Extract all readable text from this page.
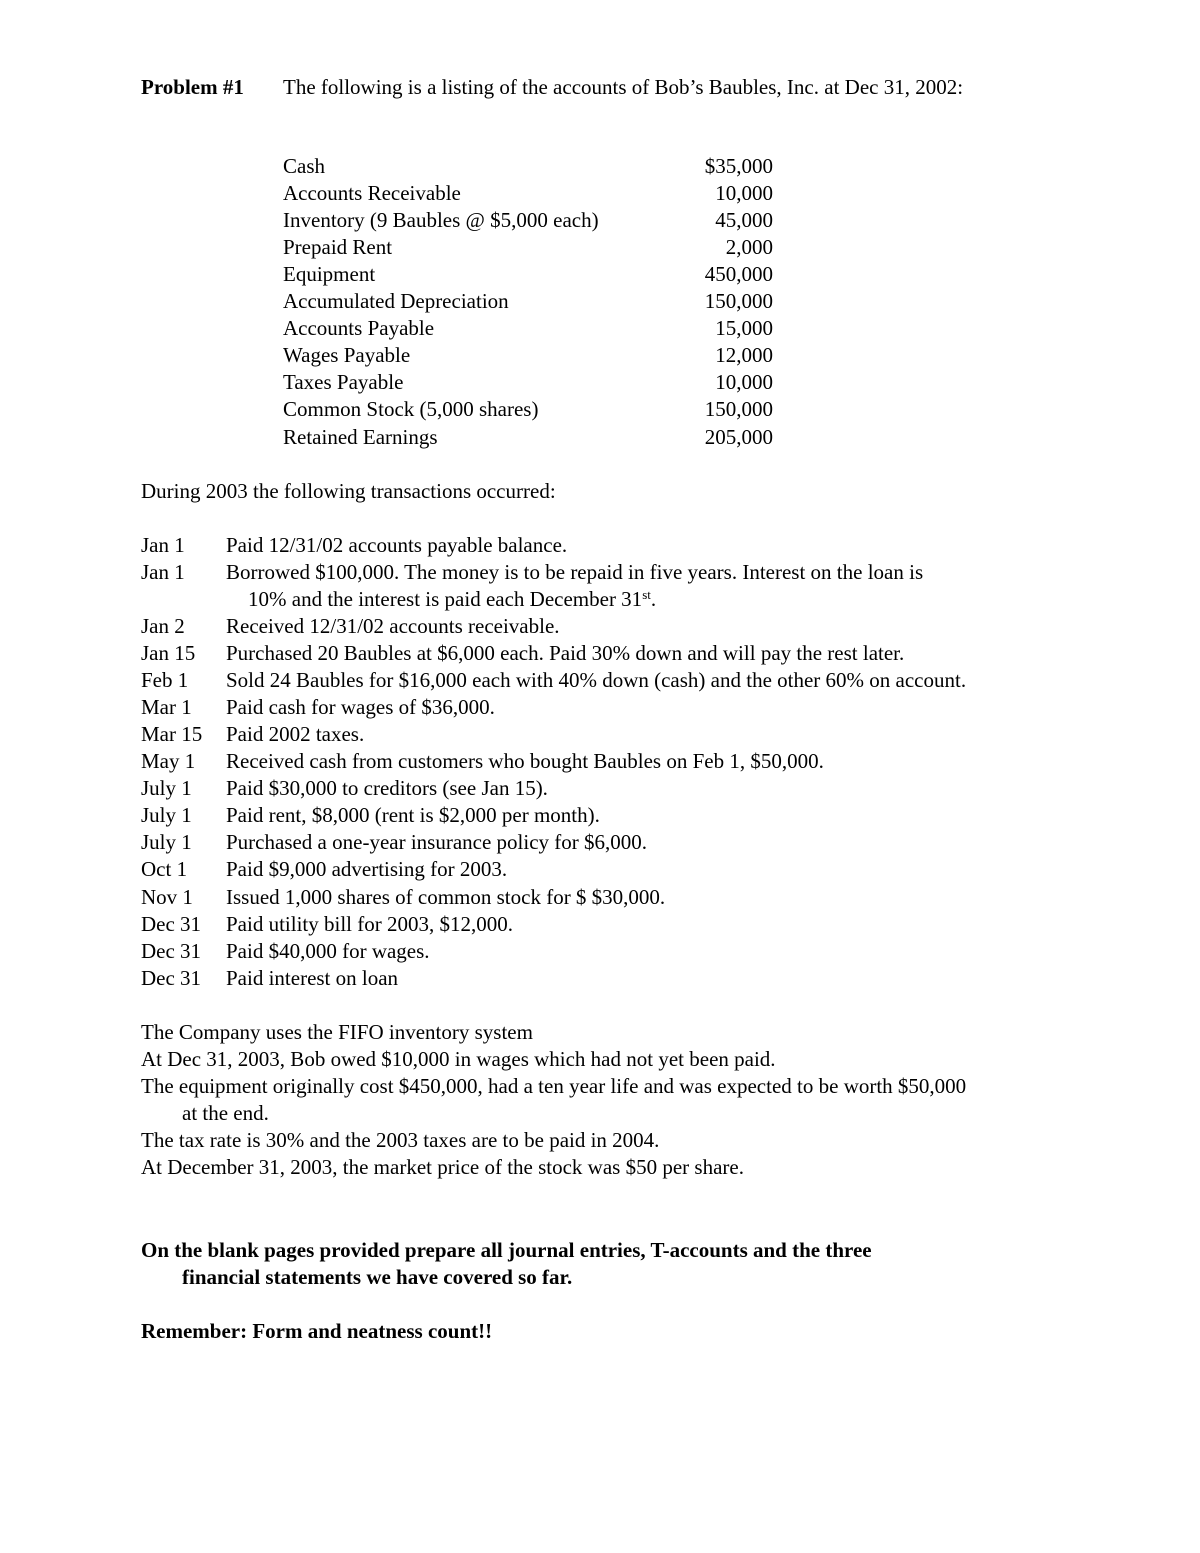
Problem #1 The following is a listing of the accounts of Bob’s Baubles, Inc. at Dec 31, 2002:
Cash	$35,000
Accounts Receivable	10,000
Inventory (9 Baubles @ $5,000 each)	45,000
Prepaid Rent	2,000
Equipment	450,000
Accumulated Depreciation	150,000
Accounts Payable	15,000
Wages Payable	12,000
Taxes Payable	10,000
Common Stock (5,000 shares)	150,000
Retained Earnings	205,000
During 2003 the following transactions occurred:
Jan 1 Paid 12/31/02 accounts payable balance.
Jan 1 Borrowed $100,000. The money is to be repaid in five years. Interest on the loan is
10% and the interest is paid each December 31st.
Jan 2 Received 12/31/02 accounts receivable.
Jan 15 Purchased 20 Baubles at $6,000 each. Paid 30% down and will pay the rest later.
Feb 1 Sold 24 Baubles for $16,000 each with 40% down (cash) and the other 60% on account.
Mar 1 Paid cash for wages of $36,000.
Mar 15 Paid 2002 taxes.
May 1 Received cash from customers who bought Baubles on Feb 1, $50,000.
July 1 Paid $30,000 to creditors (see Jan 15).
July 1 Paid rent, $8,000 (rent is $2,000 per month).
July 1 Purchased a one-year insurance policy for $6,000.
Oct 1 Paid $9,000 advertising for 2003.
Nov 1 Issued 1,000 shares of common stock for $ $30,000.
Dec 31 Paid utility bill for 2003, $12,000.
Dec 31 Paid $40,000 for wages.
Dec 31 Paid interest on loan
The Company uses the FIFO inventory system
At Dec 31, 2003, Bob owed $10,000 in wages which had not yet been paid.
The equipment originally cost $450,000, had a ten year life and was expected to be worth $50,000
at the end.
The tax rate is 30% and the 2003 taxes are to be paid in 2004.
At December 31, 2003, the market price of the stock was $50 per share.
On the blank pages provided prepare all journal entries, T-accounts and the three
financial statements we have covered so far.
Remember: Form and neatness count!!
